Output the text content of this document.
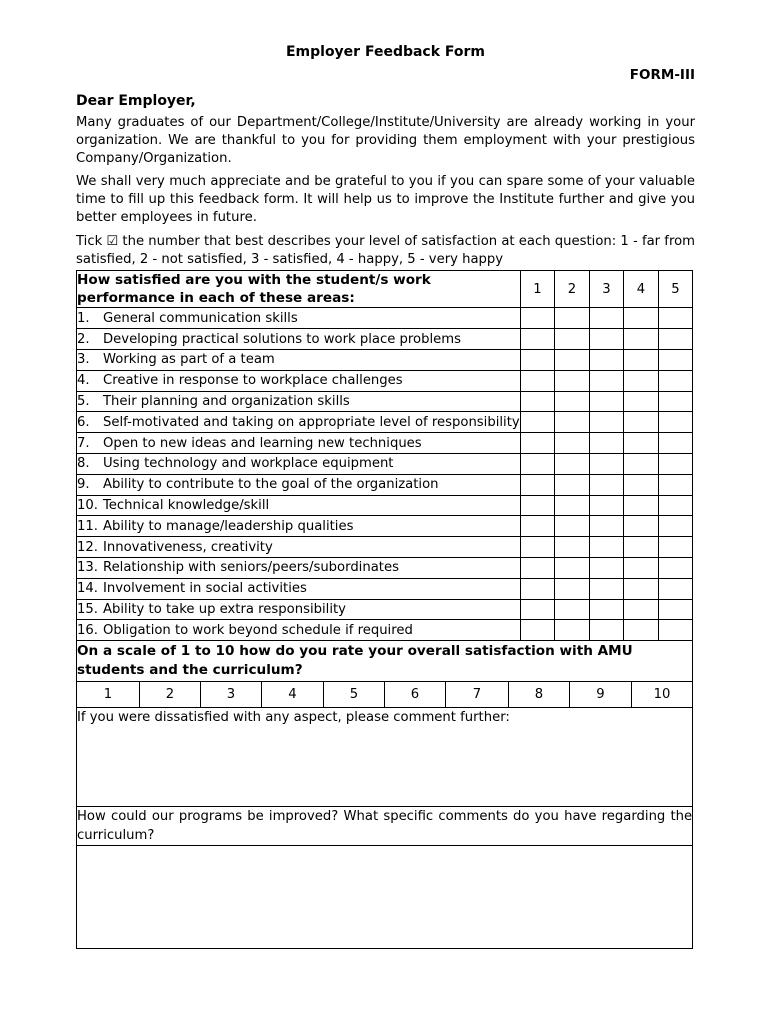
Employer Feedback Form
FORM-III
Dear Employer,

Many graduates of our Department/College/Institute/University are already working in your organization. We are thankful to you for providing them employment with your prestigious Company/Organization.

We shall very much appreciate and be grateful to you if you can spare some of your valuable time to fill up this feedback form. It will help us to improve the Institute further and give you better employees in future.

Tick ☑ the number that best describes your level of satisfaction at each question: 1 - far from satisfied, 2 - not satisfied, 3 - satisfied, 4 - happy, 5 - very happy

How satisfied are you with the student/s work performance in each of these areas:	1	2	3	4	5
1. General communication skills					
2. Developing practical solutions to work place problems					
3. Working as part of a team					
4. Creative in response to workplace challenges					
5. Their planning and organization skills					
6. Self-motivated and taking on appropriate level of responsibility					
7. Open to new ideas and learning new techniques					
8. Using technology and workplace equipment					
9. Ability to contribute to the goal of the organization					
10. Technical knowledge/skill					
11. Ability to manage/leadership qualities					
12. Innovativeness, creativity					
13. Relationship with seniors/peers/subordinates					
14. Involvement in social activities					
15. Ability to take up extra responsibility					
16. Obligation to work beyond schedule if required					
On a scale of 1 to 10 how do you rate your overall satisfaction with AMU students and the curriculum?
1	2	3	4	5	6	7	8	9	10
If you were dissatisfied with any aspect, please comment further:
How could our programs be improved? What specific comments do you have regarding the curriculum?
